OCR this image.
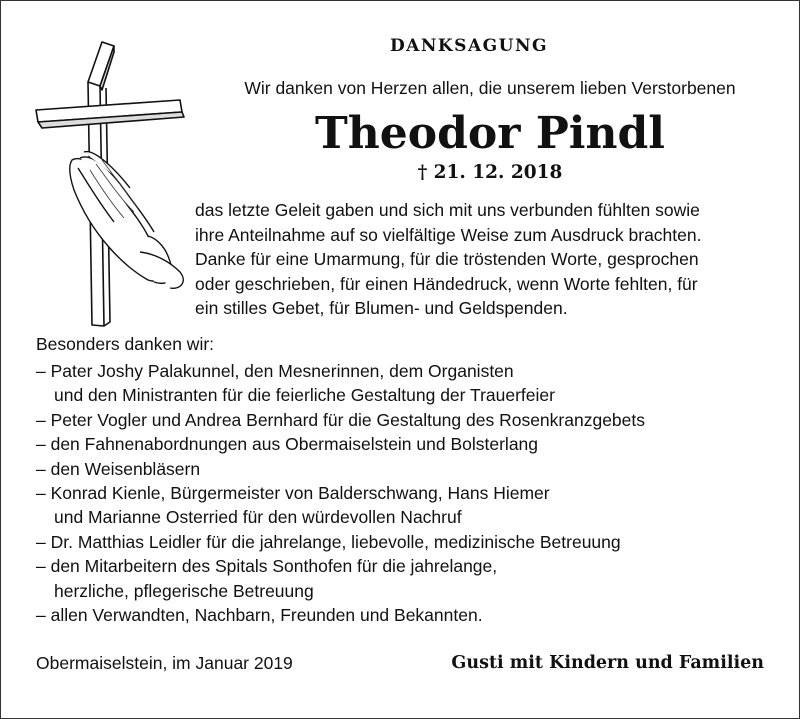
DANKSAGUNG
Wir danken von Herzen allen, die unserem lieben Verstorbenen
Theodor Pindl
† 21. 12. 2018
das letzte Geleit gaben und sich mit uns verbunden fühlten sowie
ihre Anteilnahme auf so vielfältige Weise zum Ausdruck brachten.
Danke für eine Umarmung, für die tröstenden Worte, gesprochen
oder geschrieben, für einen Händedruck, wenn Worte fehlten, für
ein stilles Gebet, für Blumen- und Geldspenden.
Besonders danken wir:
– Pater Joshy Palakunnel, den Mesnerinnen, dem Organisten
und den Ministranten für die feierliche Gestaltung der Trauerfeier
– Peter Vogler und Andrea Bernhard für die Gestaltung des Rosenkranzgebets
– den Fahnenabordnungen aus Obermaiselstein und Bolsterlang
– den Weisenbläsern
– Konrad Kienle, Bürgermeister von Balderschwang, Hans Hiemer
und Marianne Osterried für den würdevollen Nachruf
– Dr. Matthias Leidler für die jahrelange, liebevolle, medizinische Betreuung
– den Mitarbeitern des Spitals Sonthofen für die jahrelange,
herzliche, pflegerische Betreuung
– allen Verwandten, Nachbarn, Freunden und Bekannten.
Obermaiselstein, im Januar 2019	Gusti mit Kindern und Familien
